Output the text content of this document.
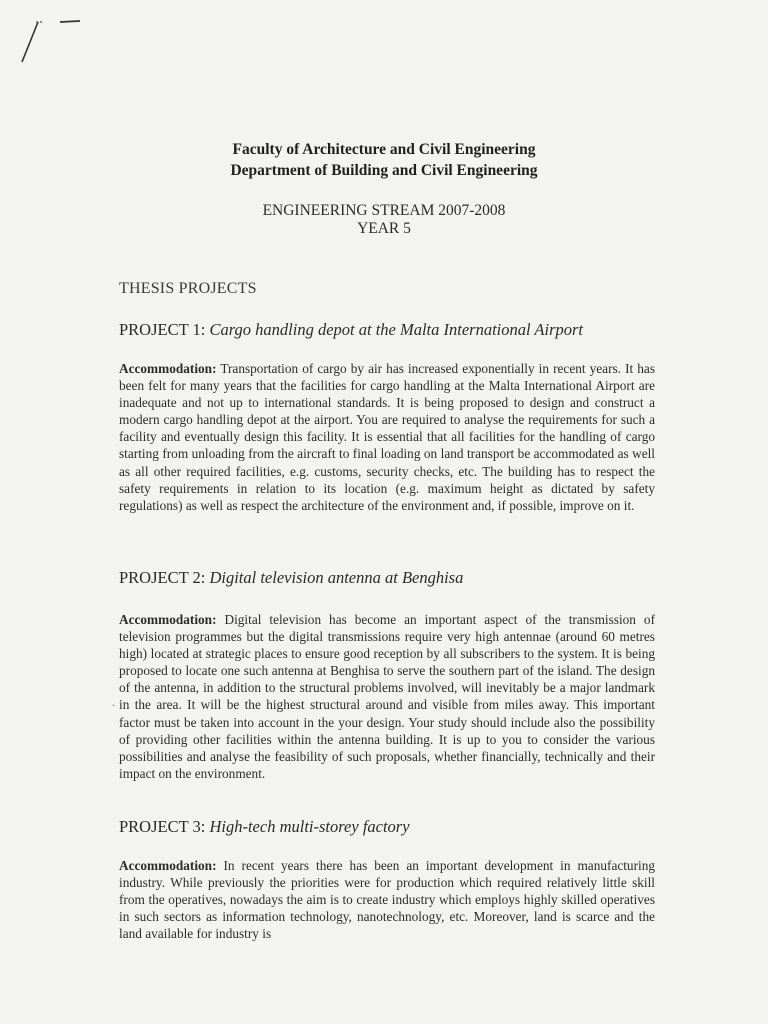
Faculty of Architecture and Civil Engineering
Department of Building and Civil Engineering
ENGINEERING STREAM 2007-2008
YEAR 5
THESIS PROJECTS
PROJECT 1: Cargo handling depot at the Malta International Airport
Accommodation: Transportation of cargo by air has increased exponentially in recent years. It has been felt for many years that the facilities for cargo handling at the Malta International Airport are inadequate and not up to international standards. It is being proposed to design and construct a modern cargo handling depot at the airport. You are required to analyse the requirements for such a facility and eventually design this facility. It is essential that all facilities for the handling of cargo starting from unloading from the aircraft to final loading on land transport be accommodated as well as all other required facilities, e.g. customs, security checks, etc. The building has to respect the safety requirements in relation to its location (e.g. maximum height as dictated by safety regulations) as well as respect the architecture of the environment and, if possible, improve on it.
PROJECT 2: Digital television antenna at Benghisa
Accommodation: Digital television has become an important aspect of the transmission of television programmes but the digital transmissions require very high antennae (around 60 metres high) located at strategic places to ensure good reception by all subscribers to the system. It is being proposed to locate one such antenna at Benghisa to serve the southern part of the island. The design of the antenna, in addition to the structural problems involved, will inevitably be a major landmark in the area. It will be the highest structural around and visible from miles away. This important factor must be taken into account in the your design. Your study should include also the possibility of providing other facilities within the antenna building. It is up to you to consider the various possibilities and analyse the feasibility of such proposals, whether financially, technically and their impact on the environment.
.
PROJECT 3: High-tech multi-storey factory
Accommodation: In recent years there has been an important development in manufacturing industry. While previously the priorities were for production which required relatively little skill from the operatives, nowadays the aim is to create industry which employs highly skilled operatives in such sectors as information technology, nanotechnology, etc. Moreover, land is scarce and the land available for industry is
